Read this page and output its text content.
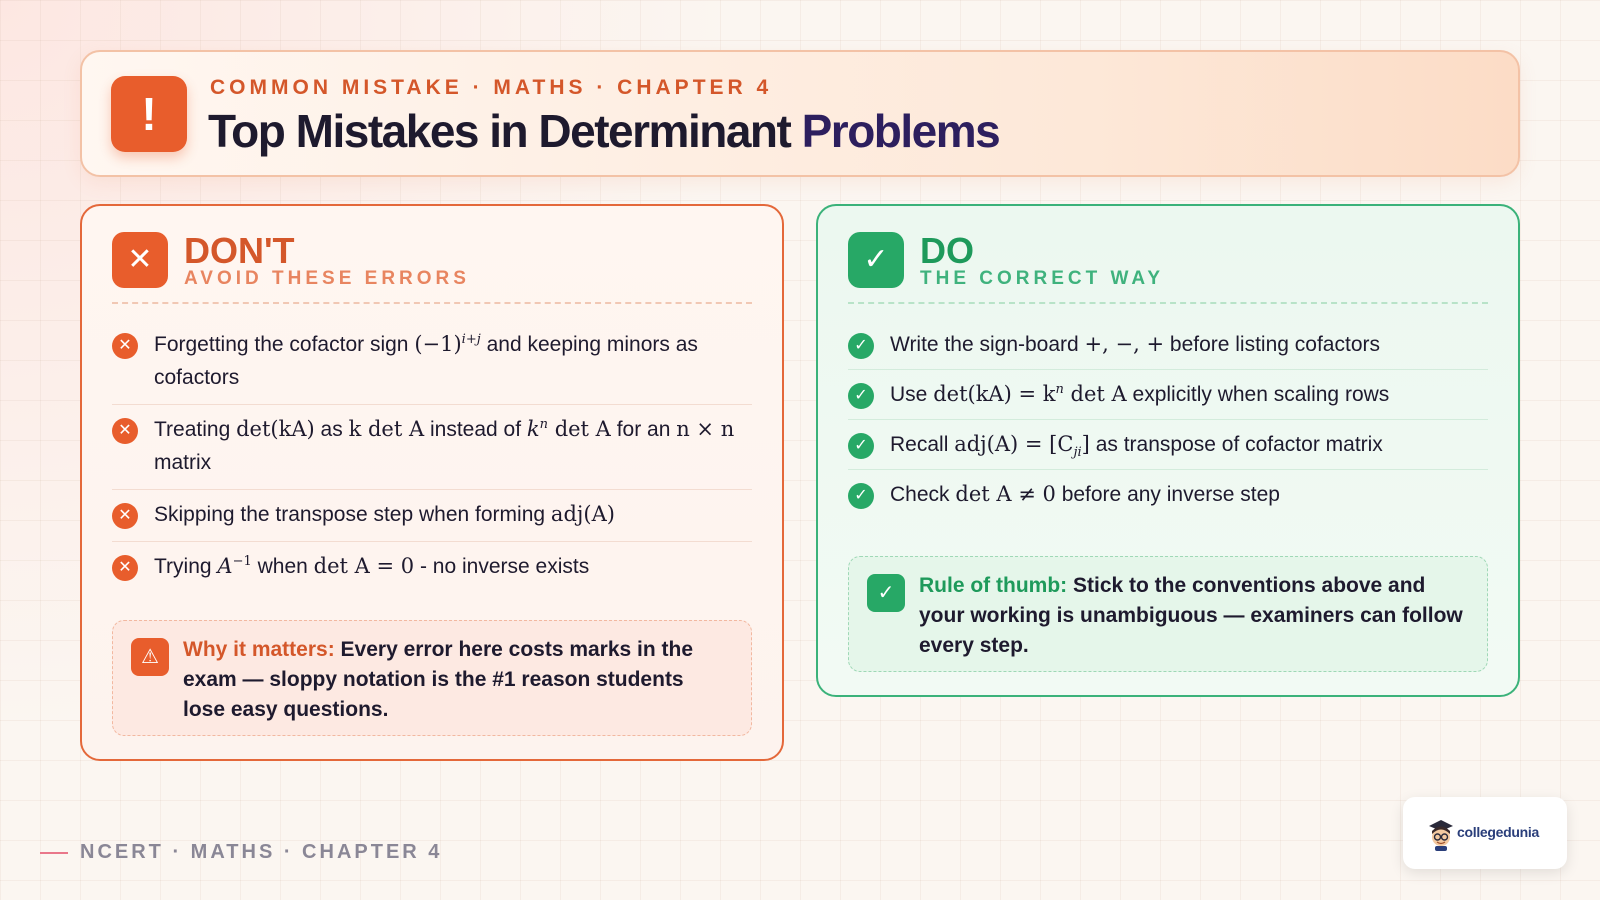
!
COMMON MISTAKE · MATHS · CHAPTER 4
Top Mistakes in Determinant Problems
✕ DON'T
AVOID THESE ERRORS
✕ Forgetting the cofactor sign $(-1)^{i+j}$ and keeping minors as cofactors
✕ Treating det(kA) as k det A instead of $k^n$ det A for an n × n matrix
✕ Skipping the transpose step when forming adj(A)
✕ Trying $A^{-1}$ when det A = 0 - no inverse exists
⚠	Why it matters: Every error here costs marks in the exam — sloppy notation is the #1 reason students lose easy questions.
✓ DO
THE CORRECT WAY
✓ Write the sign-board +, −, + before listing cofactors
✓ Use $\det(kA) = k^n$ det A explicitly when scaling rows
✓ Recall $adj(A) = [C_{ji}]$ as transpose of cofactor matrix
✓ Check det A ≠ 0 before any inverse step
✓	Rule of thumb: Stick to the conventions above and your working is unambiguous — examiners can follow every step.
NCERT · MATHS · CHAPTER 4
collegedunia
